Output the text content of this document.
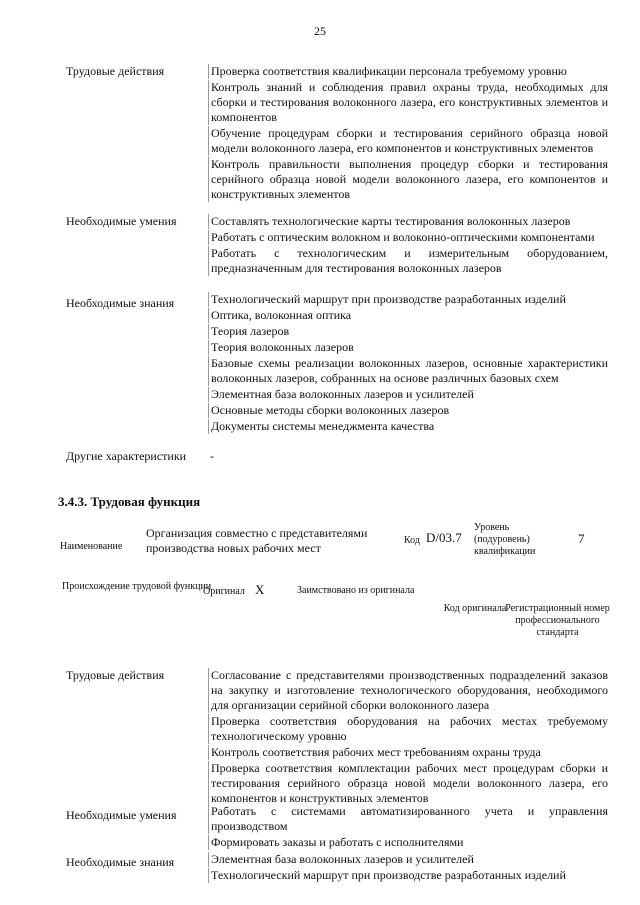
25
Трудовые действия	Проверка соответствия квалификации персонала требуемому уровню
Контроль знаний и соблюдения правил охраны труда, необходимых для сборки и тестирования волоконного лазера, его конструктивных элементов и компонентов
Обучение процедурам сборки и тестирования серийного образца новой модели волоконного лазера, его компонентов и конструктивных элементов
Контроль правильности выполнения процедур сборки и тестирования серийного образца новой модели волоконного лазера, его компонентов и конструктивных элементов
Необходимые умения	Составлять технологические карты тестирования волоконных лазеров
Работать с оптическим волокном и волоконно-оптическими компонентами
Работать с технологическим и измерительным оборудованием, предназначенным для тестирования волоконных лазеров
Необходимые знания	Технологический маршрут при производстве разработанных изделий
Оптика, волоконная оптика
Теория лазеров
Теория волоконных лазеров
Базовые схемы реализации волоконных лазеров, основные характеристики волоконных лазеров, собранных на основе различных базовых схем
Элементная база волоконных лазеров и усилителей
Основные методы сборки волоконных лазеров
Документы системы менеджмента качества
Другие характеристики	-
3.4.3. Трудовая функция
Наименование
Организация совместно с представителями производства новых рабочих мест
Код D/03.7
Уровень (подуровень) квалификации
7
Происхождение трудовой функции
Оригинал X	Заимствовано из оригинала
Код оригинала
Регистрационный номер профессионального стандарта
Трудовые действия	Согласование с представителями производственных подразделений заказов на закупку и изготовление технологического оборудования, необходимого для организации серийной сборки волоконного лазера
Проверка соответствия оборудования на рабочих местах требуемому технологическому уровню
Контроль соответствия рабочих мест требованиям охраны труда
Проверка соответствия комплектации рабочих мест процедурам сборки и тестирования серийного образца новой модели волоконного лазера, его компонентов и конструктивных элементов
Необходимые умения	Работать с системами автоматизированного учета и управления производством
Формировать заказы и работать с исполнителями
Необходимые знания	Элементная база волоконных лазеров и усилителей
Технологический маршрут при производстве разработанных изделий
